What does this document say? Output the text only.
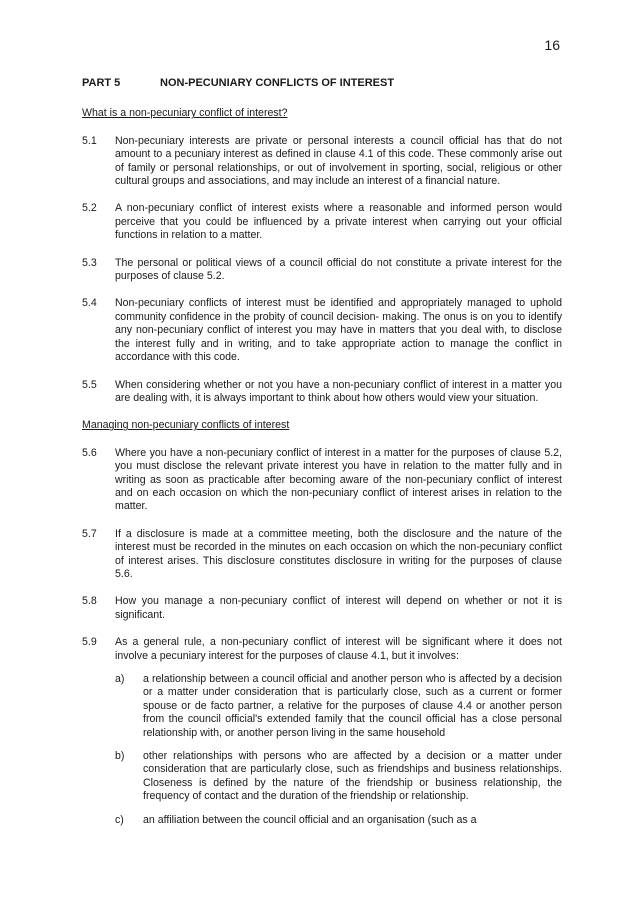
16
PART 5	NON-PECUNIARY CONFLICTS OF INTEREST
What is a non-pecuniary conflict of interest?
5.1	Non-pecuniary interests are private or personal interests a council official has that do not amount to a pecuniary interest as defined in clause 4.1 of this code. These commonly arise out of family or personal relationships, or out of involvement in sporting, social, religious or other cultural groups and associations, and may include an interest of a financial nature.
5.2	A non-pecuniary conflict of interest exists where a reasonable and informed person would perceive that you could be influenced by a private interest when carrying out your official functions in relation to a matter.
5.3	The personal or political views of a council official do not constitute a private interest for the purposes of clause 5.2.
5.4	Non-pecuniary conflicts of interest must be identified and appropriately managed to uphold community confidence in the probity of council decision- making. The onus is on you to identify any non-pecuniary conflict of interest you may have in matters that you deal with, to disclose the interest fully and in writing, and to take appropriate action to manage the conflict in accordance with this code.
5.5	When considering whether or not you have a non-pecuniary conflict of interest in a matter you are dealing with, it is always important to think about how others would view your situation.
Managing non-pecuniary conflicts of interest
5.6	Where you have a non-pecuniary conflict of interest in a matter for the purposes of clause 5.2, you must disclose the relevant private interest you have in relation to the matter fully and in writing as soon as practicable after becoming aware of the non-pecuniary conflict of interest and on each occasion on which the non-pecuniary conflict of interest arises in relation to the matter.
5.7	If a disclosure is made at a committee meeting, both the disclosure and the nature of the interest must be recorded in the minutes on each occasion on which the non-pecuniary conflict of interest arises. This disclosure constitutes disclosure in writing for the purposes of clause 5.6.
5.8	How you manage a non-pecuniary conflict of interest will depend on whether or not it is significant.
5.9	As a general rule, a non-pecuniary conflict of interest will be significant where it does not involve a pecuniary interest for the purposes of clause 4.1, but it involves:
a)	a relationship between a council official and another person who is affected by a decision or a matter under consideration that is particularly close, such as a current or former spouse or de facto partner, a relative for the purposes of clause 4.4 or another person from the council official's extended family that the council official has a close personal relationship with, or another person living in the same household
b)	other relationships with persons who are affected by a decision or a matter under consideration that are particularly close, such as friendships and business relationships. Closeness is defined by the nature of the friendship or business relationship, the frequency of contact and the duration of the friendship or relationship.
c)	an affiliation between the council official and an organisation (such as a
